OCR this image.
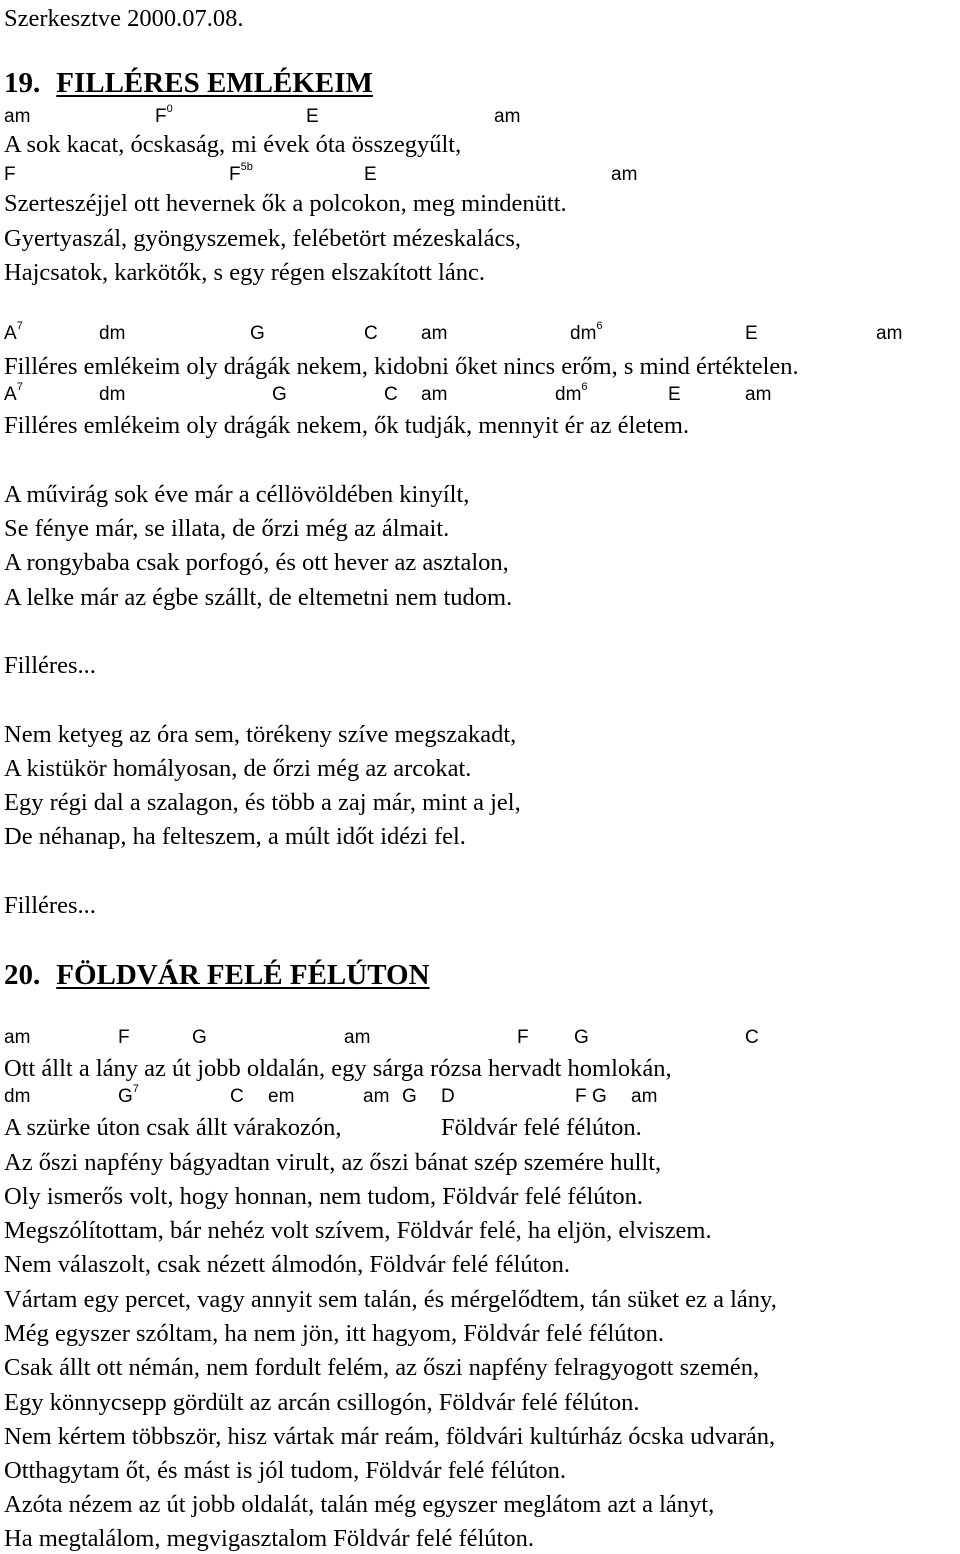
Szerkesztve 2000.07.08.
19. FILLÉRES EMLÉKEIM
am	$F^0$	E	am
A sok kacat, ócskaság, mi évek óta összegyűlt,
F	$F^{5b}$	E	am
Szerteszéjjel ott hevernek ők a polcokon, meg mindenütt.
Gyertyaszál, gyöngyszemek, felébetört mézeskalács,
Hajcsatok, karkötők, s egy régen elszakított lánc.
$A^7$	dm	G	C am	$dm^6$	E	am
Filléres emlékeim oly drágák nekem, kidobni őket nincs erőm, s mind értéktelen.
$A^7$	dm	G	C am	$dm^6$	E	am
Filléres emlékeim oly drágák nekem, ők tudják, mennyit ér az életem.
A művirág sok éve már a céllövöldében kinyílt,
Se fénye már, se illata, de őrzi még az álmait.
A rongybaba csak porfogó, és ott hever az asztalon,
A lelke már az égbe szállt, de eltemetni nem tudom.
Filléres...
Nem ketyeg az óra sem, törékeny szíve megszakadt,
A kistükör homályosan, de őrzi még az arcokat.
Egy régi dal a szalagon, és több a zaj már, mint a jel,
De néhanap, ha felteszem, a múlt időt idézi fel.
Filléres...
20. FÖLDVÁR FELÉ FÉLÚTON
am	F	G	am	F G	C
Ott állt a lány az út jobb oldalán, egy sárga rózsa hervadt homlokán,
dm	$G^7$	C em	am G D	F G am
A szürke úton csak állt várakozón,	Földvár felé félúton.
Az őszi napfény bágyadtan virult, az őszi bánat szép szemére hullt,
Oly ismerős volt, hogy honnan, nem tudom, Földvár felé félúton.
Megszólítottam, bár nehéz volt szívem, Földvár felé, ha eljön, elviszem.
Nem válaszolt, csak nézett álmodón, Földvár felé félúton.
Vártam egy percet, vagy annyit sem talán, és mérgelődtem, tán süket ez a lány,
Még egyszer szóltam, ha nem jön, itt hagyom, Földvár felé félúton.
Csak állt ott némán, nem fordult felém, az őszi napfény felragyogott szemén,
Egy könnycsepp gördült az arcán csillogón, Földvár felé félúton.
Nem kértem többször, hisz vártak már reám, földvári kultúrház ócska udvarán,
Otthagytam őt, és mást is jól tudom, Földvár felé félúton.
Azóta nézem az út jobb oldalát, talán még egyszer meglátom azt a lányt,
Ha megtalálom, megvigasztalom Földvár felé félúton.
